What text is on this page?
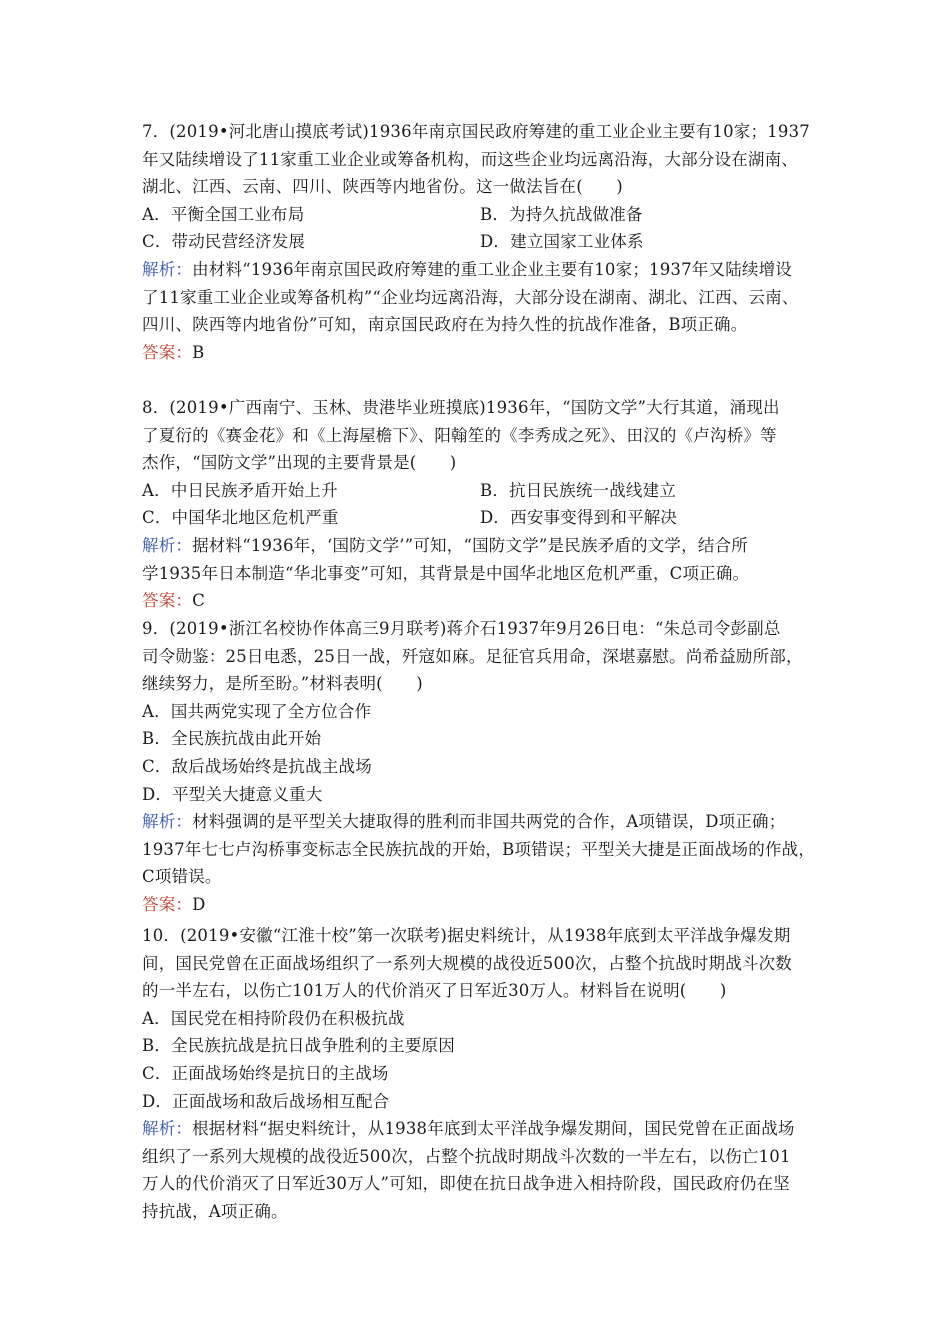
7．(2019•河北唐山摸底考试)1936年南京国民政府筹建的重工业企业主要有10家；1937
年又陆续增设了11家重工业企业或筹备机构，而这些企业均远离沿海，大部分设在湖南、
湖北、江西、云南、四川、陕西等内地省份。这一做法旨在(　　)
A．平衡全国工业布局	B．为持久抗战做准备
C．带动民营经济发展	D．建立国家工业体系
解析：由材料“1936年南京国民政府筹建的重工业企业主要有10家；1937年又陆续增设
了11家重工业企业或筹备机构”“企业均远离沿海，大部分设在湖南、湖北、江西、云南、
四川、陕西等内地省份”可知，南京国民政府在为持久性的抗战作准备，B项正确。
答案：B
8．(2019•广西南宁、玉林、贵港毕业班摸底)1936年，“国防文学”大行其道，涌现出
了夏衍的《赛金花》和《上海屋檐下》、阳翰笙的《李秀成之死》、田汉的《卢沟桥》等
杰作，“国防文学”出现的主要背景是(　　)
A．中日民族矛盾开始上升	B．抗日民族统一战线建立
C．中国华北地区危机严重	D．西安事变得到和平解决
解析：据材料“1936年，‘国防文学’”可知，“国防文学”是民族矛盾的文学，结合所
学1935年日本制造“华北事变”可知，其背景是中国华北地区危机严重，C项正确。
答案：C
9．(2019•浙江名校协作体高三9月联考)蒋介石1937年9月26日电：“朱总司令彭副总
司令勋鉴：25日电悉，25日一战，歼寇如麻。足征官兵用命，深堪嘉慰。尚希益励所部，
继续努力，是所至盼。”材料表明(　　)
A．国共两党实现了全方位合作
B．全民族抗战由此开始
C．敌后战场始终是抗战主战场
D．平型关大捷意义重大
解析：材料强调的是平型关大捷取得的胜利而非国共两党的合作，A项错误，D项正确；
1937年七七卢沟桥事变标志全民族抗战的开始，B项错误；平型关大捷是正面战场的作战，
C项错误。
答案：D
10．(2019•安徽“江淮十校”第一次联考)据史料统计，从1938年底到太平洋战争爆发期
间，国民党曾在正面战场组织了一系列大规模的战役近500次，占整个抗战时期战斗次数
的一半左右，以伤亡101万人的代价消灭了日军近30万人。材料旨在说明(　　)
A．国民党在相持阶段仍在积极抗战
B．全民族抗战是抗日战争胜利的主要原因
C．正面战场始终是抗日的主战场
D．正面战场和敌后战场相互配合
解析：根据材料“据史料统计，从1938年底到太平洋战争爆发期间，国民党曾在正面战场
组织了一系列大规模的战役近500次，占整个抗战时期战斗次数的一半左右，以伤亡101
万人的代价消灭了日军近30万人”可知，即使在抗日战争进入相持阶段，国民政府仍在坚
持抗战，A项正确。
